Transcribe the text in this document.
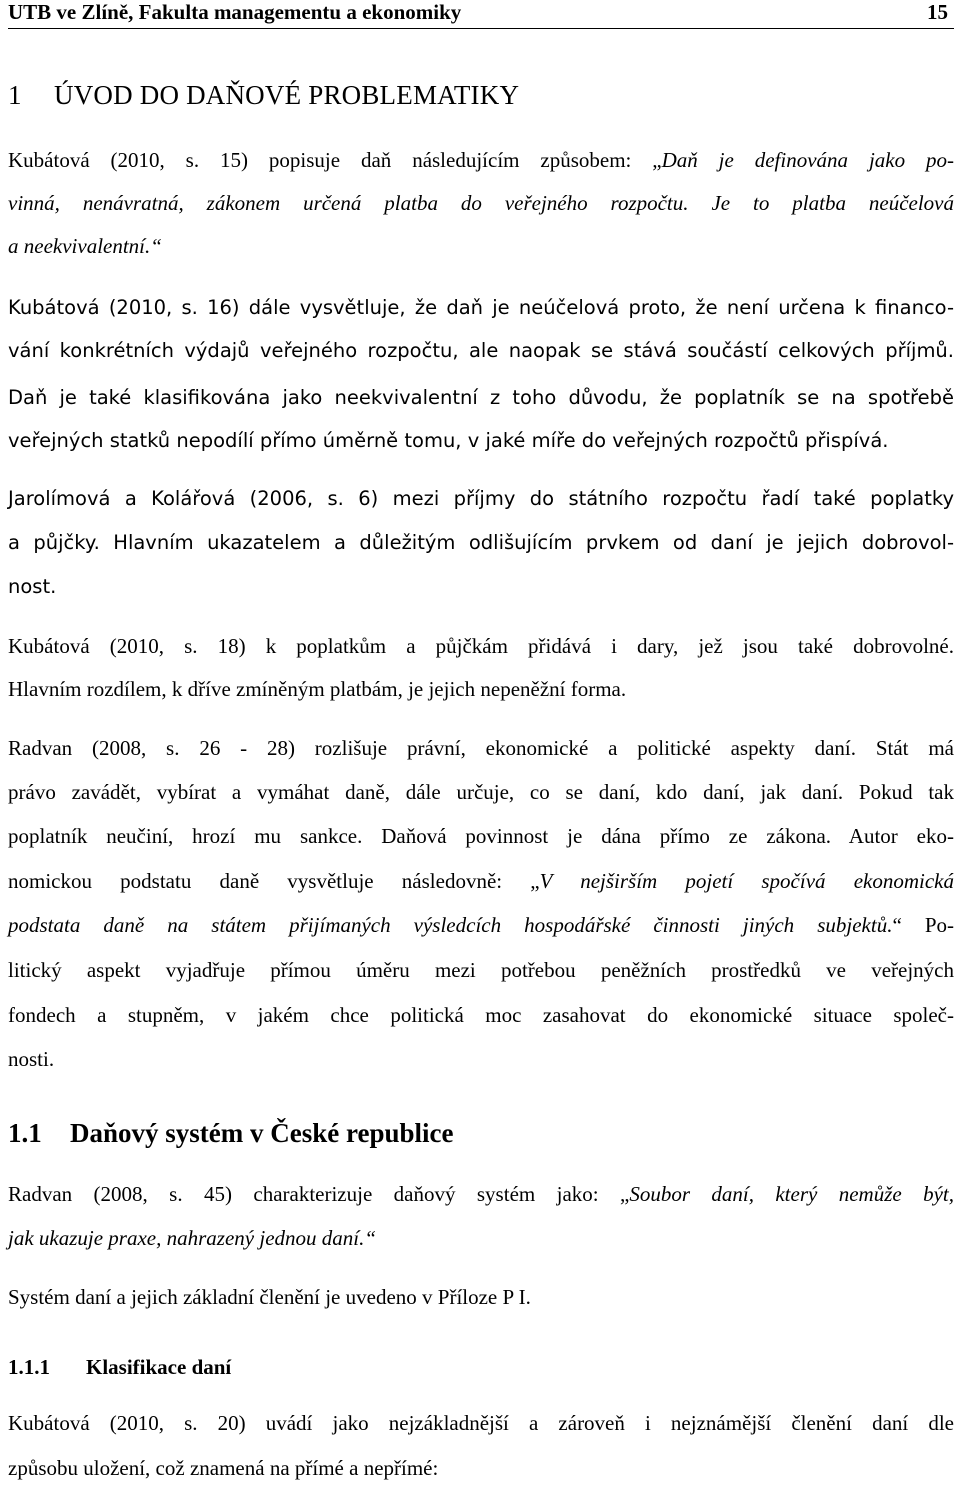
UTB ve Zlíně, Fakulta managementu a ekonomiky	15
1 ÚVOD DO DAŇOVÉ PROBLEMATIKY
Kubátová (2010, s. 15) popisuje daň následujícím způsobem: „Daň je definována jako po-
vinná, nenávratná, zákonem určená platba do veřejného rozpočtu. Je to platba neúčelová
a neekvivalentní.“
Kubátová (2010, s. 16) dále vysvětluje, že daň je neúčelová proto, že není určena k financo-
vání konkrétních výdajů veřejného rozpočtu, ale naopak se stává součástí celkových příjmů.
Daň je také klasifikována jako neekvivalentní z toho důvodu, že poplatník se na spotřebě
veřejných statků nepodílí přímo úměrně tomu, v jaké míře do veřejných rozpočtů přispívá.
Jarolímová a Kolářová (2006, s. 6) mezi příjmy do státního rozpočtu řadí také poplatky
a půjčky. Hlavním ukazatelem a důležitým odlišujícím prvkem od daní je jejich dobrovol-
nost.
Kubátová (2010, s. 18) k poplatkům a půjčkám přidává i dary, jež jsou také dobrovolné.
Hlavním rozdílem, k dříve zmíněným platbám, je jejich nepeněžní forma.
Radvan (2008, s. 26 - 28) rozlišuje právní, ekonomické a politické aspekty daní. Stát má
právo zavádět, vybírat a vymáhat daně, dále určuje, co se daní, kdo daní, jak daní. Pokud tak
poplatník neučiní, hrozí mu sankce. Daňová povinnost je dána přímo ze zákona. Autor eko-
nomickou podstatu daně vysvětluje následovně: „V nejširším pojetí spočívá ekonomická
podstata daně na státem přijímaných výsledcích hospodářské činnosti jiných subjektů.“ Po-
litický aspekt vyjadřuje přímou úměru mezi potřebou peněžních prostředků ve veřejných
fondech a stupněm, v jakém chce politická moc zasahovat do ekonomické situace společ-
nosti.
1.1 Daňový systém v České republice
Radvan (2008, s. 45) charakterizuje daňový systém jako: „Soubor daní, který nemůže být,
jak ukazuje praxe, nahrazený jednou daní.“
Systém daní a jejich základní členění je uvedeno v Příloze P I.
1.1.1 Klasifikace daní
Kubátová (2010, s. 20) uvádí jako nejzákladnější a zároveň i nejznámější členění daní dle
způsobu uložení, což znamená na přímé a nepřímé:
